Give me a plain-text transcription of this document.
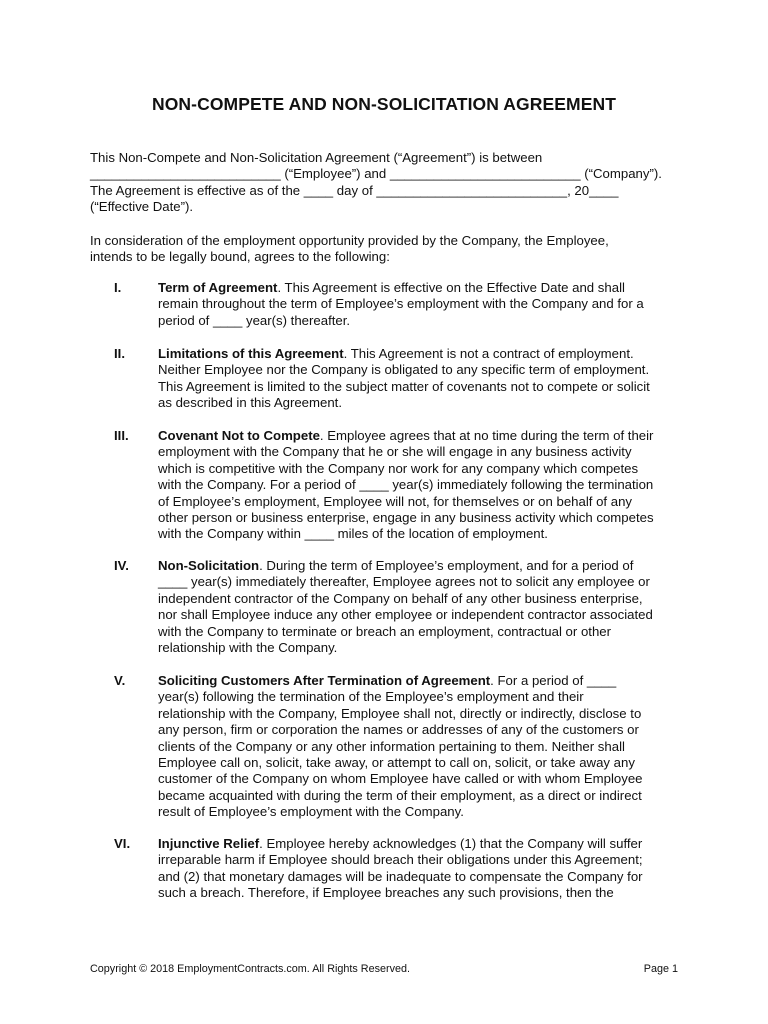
NON-COMPETE AND NON-SOLICITATION AGREEMENT
This Non-Compete and Non-Solicitation Agreement (“Agreement”) is between
__________________________ (“Employee”) and __________________________ (“Company”).
The Agreement is effective as of the ____ day of __________________________, 20____
(“Effective Date”).
In consideration of the employment opportunity provided by the Company, the Employee,
intends to be legally bound, agrees to the following:
I.	Term of Agreement. This Agreement is effective on the Effective Date and shall
remain throughout the term of Employee’s employment with the Company and for a
period of ____ year(s) thereafter.
II.	Limitations of this Agreement. This Agreement is not a contract of employment.
Neither Employee nor the Company is obligated to any specific term of employment.
This Agreement is limited to the subject matter of covenants not to compete or solicit
as described in this Agreement.
III. Covenant Not to Compete. Employee agrees that at no time during the term of their
employment with the Company that he or she will engage in any business activity
which is competitive with the Company nor work for any company which competes
with the Company. For a period of ____ year(s) immediately following the termination
of Employee’s employment, Employee will not, for themselves or on behalf of any
other person or business enterprise, engage in any business activity which competes
with the Company within ____ miles of the location of employment.
IV. Non-Solicitation. During the term of Employee’s employment, and for a period of
____ year(s) immediately thereafter, Employee agrees not to solicit any employee or
independent contractor of the Company on behalf of any other business enterprise,
nor shall Employee induce any other employee or independent contractor associated
with the Company to terminate or breach an employment, contractual or other
relationship with the Company.
V. Soliciting Customers After Termination of Agreement. For a period of ____
year(s) following the termination of the Employee’s employment and their
relationship with the Company, Employee shall not, directly or indirectly, disclose to
any person, firm or corporation the names or addresses of any of the customers or
clients of the Company or any other information pertaining to them. Neither shall
Employee call on, solicit, take away, or attempt to call on, solicit, or take away any
customer of the Company on whom Employee have called or with whom Employee
became acquainted with during the term of their employment, as a direct or indirect
result of Employee’s employment with the Company.
VI. Injunctive Relief. Employee hereby acknowledges (1) that the Company will suffer
irreparable harm if Employee should breach their obligations under this Agreement;
and (2) that monetary damages will be inadequate to compensate the Company for
such a breach. Therefore, if Employee breaches any such provisions, then the
Copyright © 2018 EmploymentContracts.com. All Rights Reserved.	Page 1
